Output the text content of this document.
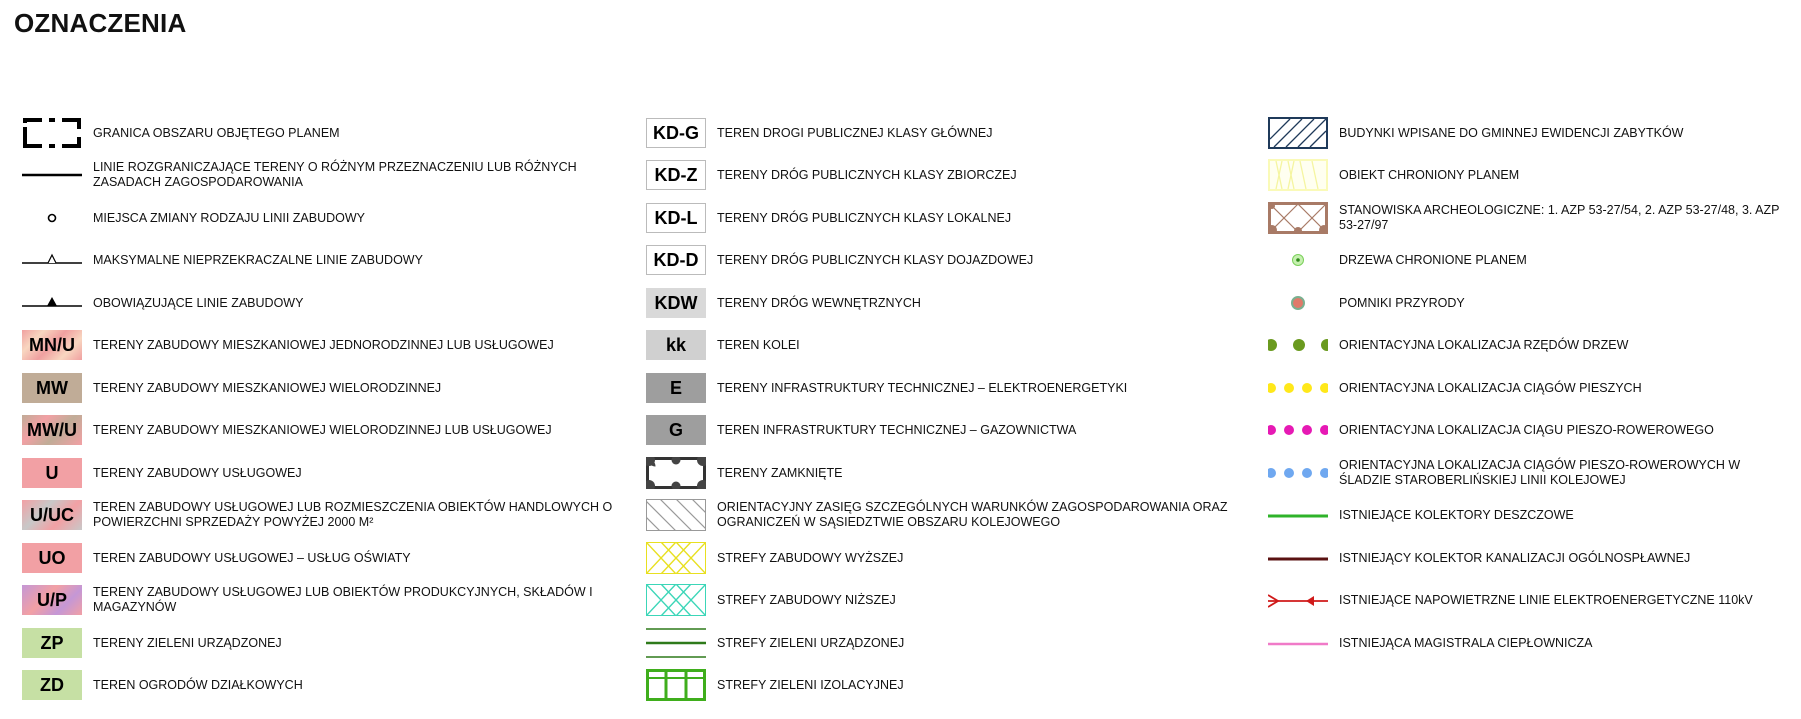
OZNACZENIA
GRANICA OBSZARU OBJĘTEGO PLANEM
LINIE ROZGRANICZAJĄCE TERENY O RÓŻNYM PRZEZNACZENIU LUB RÓŻNYCH ZASADACH ZAGOSPODAROWANIA
MIEJSCA ZMIANY RODZAJU LINII ZABUDOWY
MAKSYMALNE NIEPRZEKRACZALNE LINIE ZABUDOWY
OBOWIĄZUJĄCE LINIE ZABUDOWY
MN/U TERENY ZABUDOWY MIESZKANIOWEJ JEDNORODZINNEJ LUB USŁUGOWEJ
MW TERENY ZABUDOWY MIESZKANIOWEJ WIELORODZINNEJ
MW/U TERENY ZABUDOWY MIESZKANIOWEJ WIELORODZINNEJ LUB USŁUGOWEJ
U	TERENY ZABUDOWY USŁUGOWEJ
U/UC TEREN ZABUDOWY USŁUGOWEJ LUB ROZMIESZCZENIA OBIEKTÓW HANDLOWYCH O POWIERZCHNI SPRZEDAŻY POWYŻEJ 2000 M²
UO TEREN ZABUDOWY USŁUGOWEJ – USŁUG OŚWIATY
U/P TERENY ZABUDOWY USŁUGOWEJ LUB OBIEKTÓW PRODUKCYJNYCH, SKŁADÓW I MAGAZYNÓW
ZP TERENY ZIELENI URZĄDZONEJ
ZD TEREN OGRODÓW DZIAŁKOWYCH
KD-G TEREN DROGI PUBLICZNEJ KLASY GŁÓWNEJ
KD-Z TERENY DRÓG PUBLICZNYCH KLASY ZBIORCZEJ
KD-L TERENY DRÓG PUBLICZNYCH KLASY LOKALNEJ
KD-D TERENY DRÓG PUBLICZNYCH KLASY DOJAZDOWEJ
KDW TERENY DRÓG WEWNĘTRZNYCH
kk TEREN KOLEI
E	TERENY INFRASTRUKTURY TECHNICZNEJ – ELEKTROENERGETYKI
G	TEREN INFRASTRUKTURY TECHNICZNEJ – GAZOWNICTWA
TERENY ZAMKNIĘTE
ORIENTACYJNY ZASIĘG SZCZEGÓLNYCH WARUNKÓW ZAGOSPODAROWANIA ORAZ OGRANICZEŃ W SĄSIEDZTWIE OBSZARU KOLEJOWEGO
STREFY ZABUDOWY WYŻSZEJ
STREFY ZABUDOWY NIŻSZEJ
STREFY ZIELENI URZĄDZONEJ
STREFY ZIELENI IZOLACYJNEJ
BUDYNKI WPISANE DO GMINNEJ EWIDENCJI ZABYTKÓW
OBIEKT CHRONIONY PLANEM
STANOWISKA ARCHEOLOGICZNE: 1. AZP 53-27/54, 2. AZP 53-27/48, 3. AZP 53-27/97
DRZEWA CHRONIONE PLANEM
POMNIKI PRZYRODY
ORIENTACYJNA LOKALIZACJA RZĘDÓW DRZEW
ORIENTACYJNA LOKALIZACJA CIĄGÓW PIESZYCH
ORIENTACYJNA LOKALIZACJA CIĄGU PIESZO-ROWEROWEGO
ORIENTACYJNA LOKALIZACJA CIĄGÓW PIESZO-ROWEROWYCH W ŚLADZIE STAROBERLIŃSKIEJ LINII KOLEJOWEJ
ISTNIEJĄCE KOLEKTORY DESZCZOWE
ISTNIEJĄCY KOLEKTOR KANALIZACJI OGÓLNOSPŁAWNEJ
ISTNIEJĄCE NAPOWIETRZNE LINIE ELEKTROENERGETYCZNE 110kV
ISTNIEJĄCA MAGISTRALA CIEPŁOWNICZA
